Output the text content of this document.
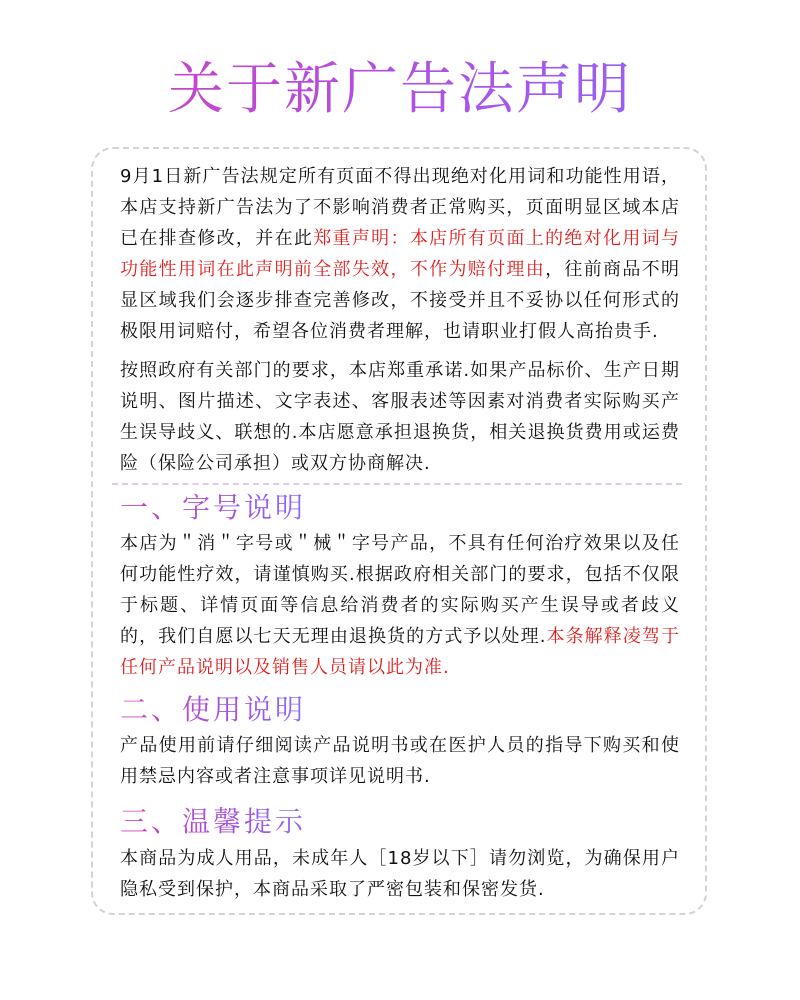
关于新广告法声明

9月1日新广告法规定所有页面不得出现绝对化用词和功能性用语，本店支持新广告法为了不影响消费者正常购买，页面明显区域本店已在排查修改，并在此郑重声明：本店所有页面上的绝对化用词与功能性用词在此声明前全部失效，不作为赔付理由，往前商品不明显区域我们会逐步排查完善修改，不接受并且不妥协以任何形式的极限用词赔付，希望各位消费者理解，也请职业打假人高抬贵手.

按照政府有关部门的要求，本店郑重承诺.如果产品标价、生产日期说明、图片描述、文字表述、客服表述等因素对消费者实际购买产生误导歧义、联想的.本店愿意承担退换货，相关退换货费用或运费险（保险公司承担）或双方协商解决.

一、字号说明

本店为＂消＂字号或＂械＂字号产品，不具有任何治疗效果以及任何功能性疗效，请谨慎购买.根据政府相关部门的要求，包括不仅限于标题、详情页面等信息给消费者的实际购买产生误导或者歧义的，我们自愿以七天无理由退换货的方式予以处理.本条解释凌驾于任何产品说明以及销售人员请以此为准.

二、使用说明

产品使用前请仔细阅读产品说明书或在医护人员的指导下购买和使用禁忌内容或者注意事项详见说明书.

三、温馨提示

本商品为成人用品，未成年人［18岁以下］请勿浏览，为确保用户隐私受到保护，本商品采取了严密包装和保密发货.
